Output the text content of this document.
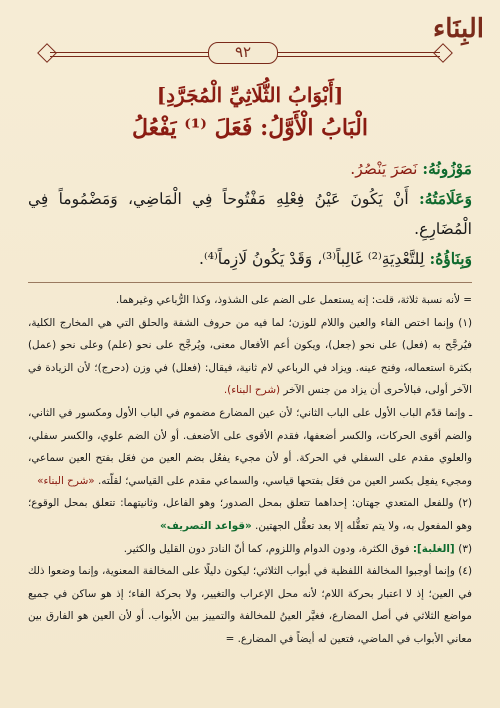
البِنَاء
٩٢
[أَبْوَابُ الثُّلَاثِيِّ الْمُجَرَّدِ]
الْبَابُ الْأَوَّلُ: فَعَلَ ⁽¹⁾ يَفْعُلُ

مَوْزُونُهُ: نَصَرَ يَنْصُرُ.

وَعَلَامَتُهُ: أَنْ يَكُونَ عَيْنُ فِعْلِهِ مَفْتُوحاً فِي الْمَاضِي، وَمَضْمُوماً فِي الْمُضَارِعِ.

وَبِنَاؤُهُ: لِلتَّعْدِيَةِ⁽²⁾ غَالِباً⁽³⁾، وَقَدْ يَكُونُ لَازِماً⁽⁴⁾.

= لأنه نسبة ثلاثة، قلت: إنه يستعمل على الضم على الشذوذ، وكذا الرُّباعي وغيرهما.

(١) وإنما اختص الفاء والعين واللام للوزن؛ لما فيه من حروف الشفة والحلق التي هي المخارج الكلية، فيُرجَّح به (فعل) على نحو (جعل)، ويكون أعم الأفعال معنى، ويُرجَّح على نحو (علم) وعلى نحو (عمل) بكثرة استعماله، وفتح عينه. ويزاد في الرباعي لام ثانية، فيقال: (فعلل) في وزن (دحرج)؛ لأن الزيادة في الآخر أولى، فبالأحرى أن يزاد من جنس الآخر (شرح البناء).

ـ وإنما قدّم الباب الأول على الباب الثاني؛ لأن عين المضارع مضموم في الباب الأول ومكسور في الثاني، والضم أقوى الحركات، والكسر أضعفها، فقدم الأقوى على الأضعف. أو لأن الضم علوي، والكسر سفلي، والعلوي مقدم على السفلي في الحركة. أو لأن مجيء يفعُل بضم العين من فعَل بفتح العين سماعي، ومجيء يفعِل بكسر العين من فعَل بفتحها قياسي، والسماعي مقدم على القياسي؛ لقلّته. «شرح البناء»

(٢) وللفعل المتعدي جهتان: إحداهما تتعلق بمحل الصدور؛ وهو الفاعل، وثانيتهما: تتعلق بمحل الوقوع؛ وهو المفعول به، ولا يتم تعقُّله إلا بعد تعقُّل الجهتين. «قواعد التصريف»

(٣) [الغلبة]: فوق الكثرة، ودون الدوام واللزوم، كما أنّ النادرَ دون القليل والكثير.

(٤) وإنما أوجبوا المخالفة اللفظية في أبواب الثلاثي؛ ليكون دليلًا على المخالفة المعنوية، وإنما وضعوا ذلك في العين؛ إذ لا اعتبار بحركة اللام؛ لأنه محل الإعراب والتغيير، ولا بحركة الفاء؛ إذ هو ساكن في جميع مواضع الثلاثي في أصل المضارع، فغيَّر العينُ للمخالفة والتمييز بين الأبواب. أو لأن العين هو الفارق بين معاني الأبواب في الماضي، فتعين له أيضاً في المضارع. =
